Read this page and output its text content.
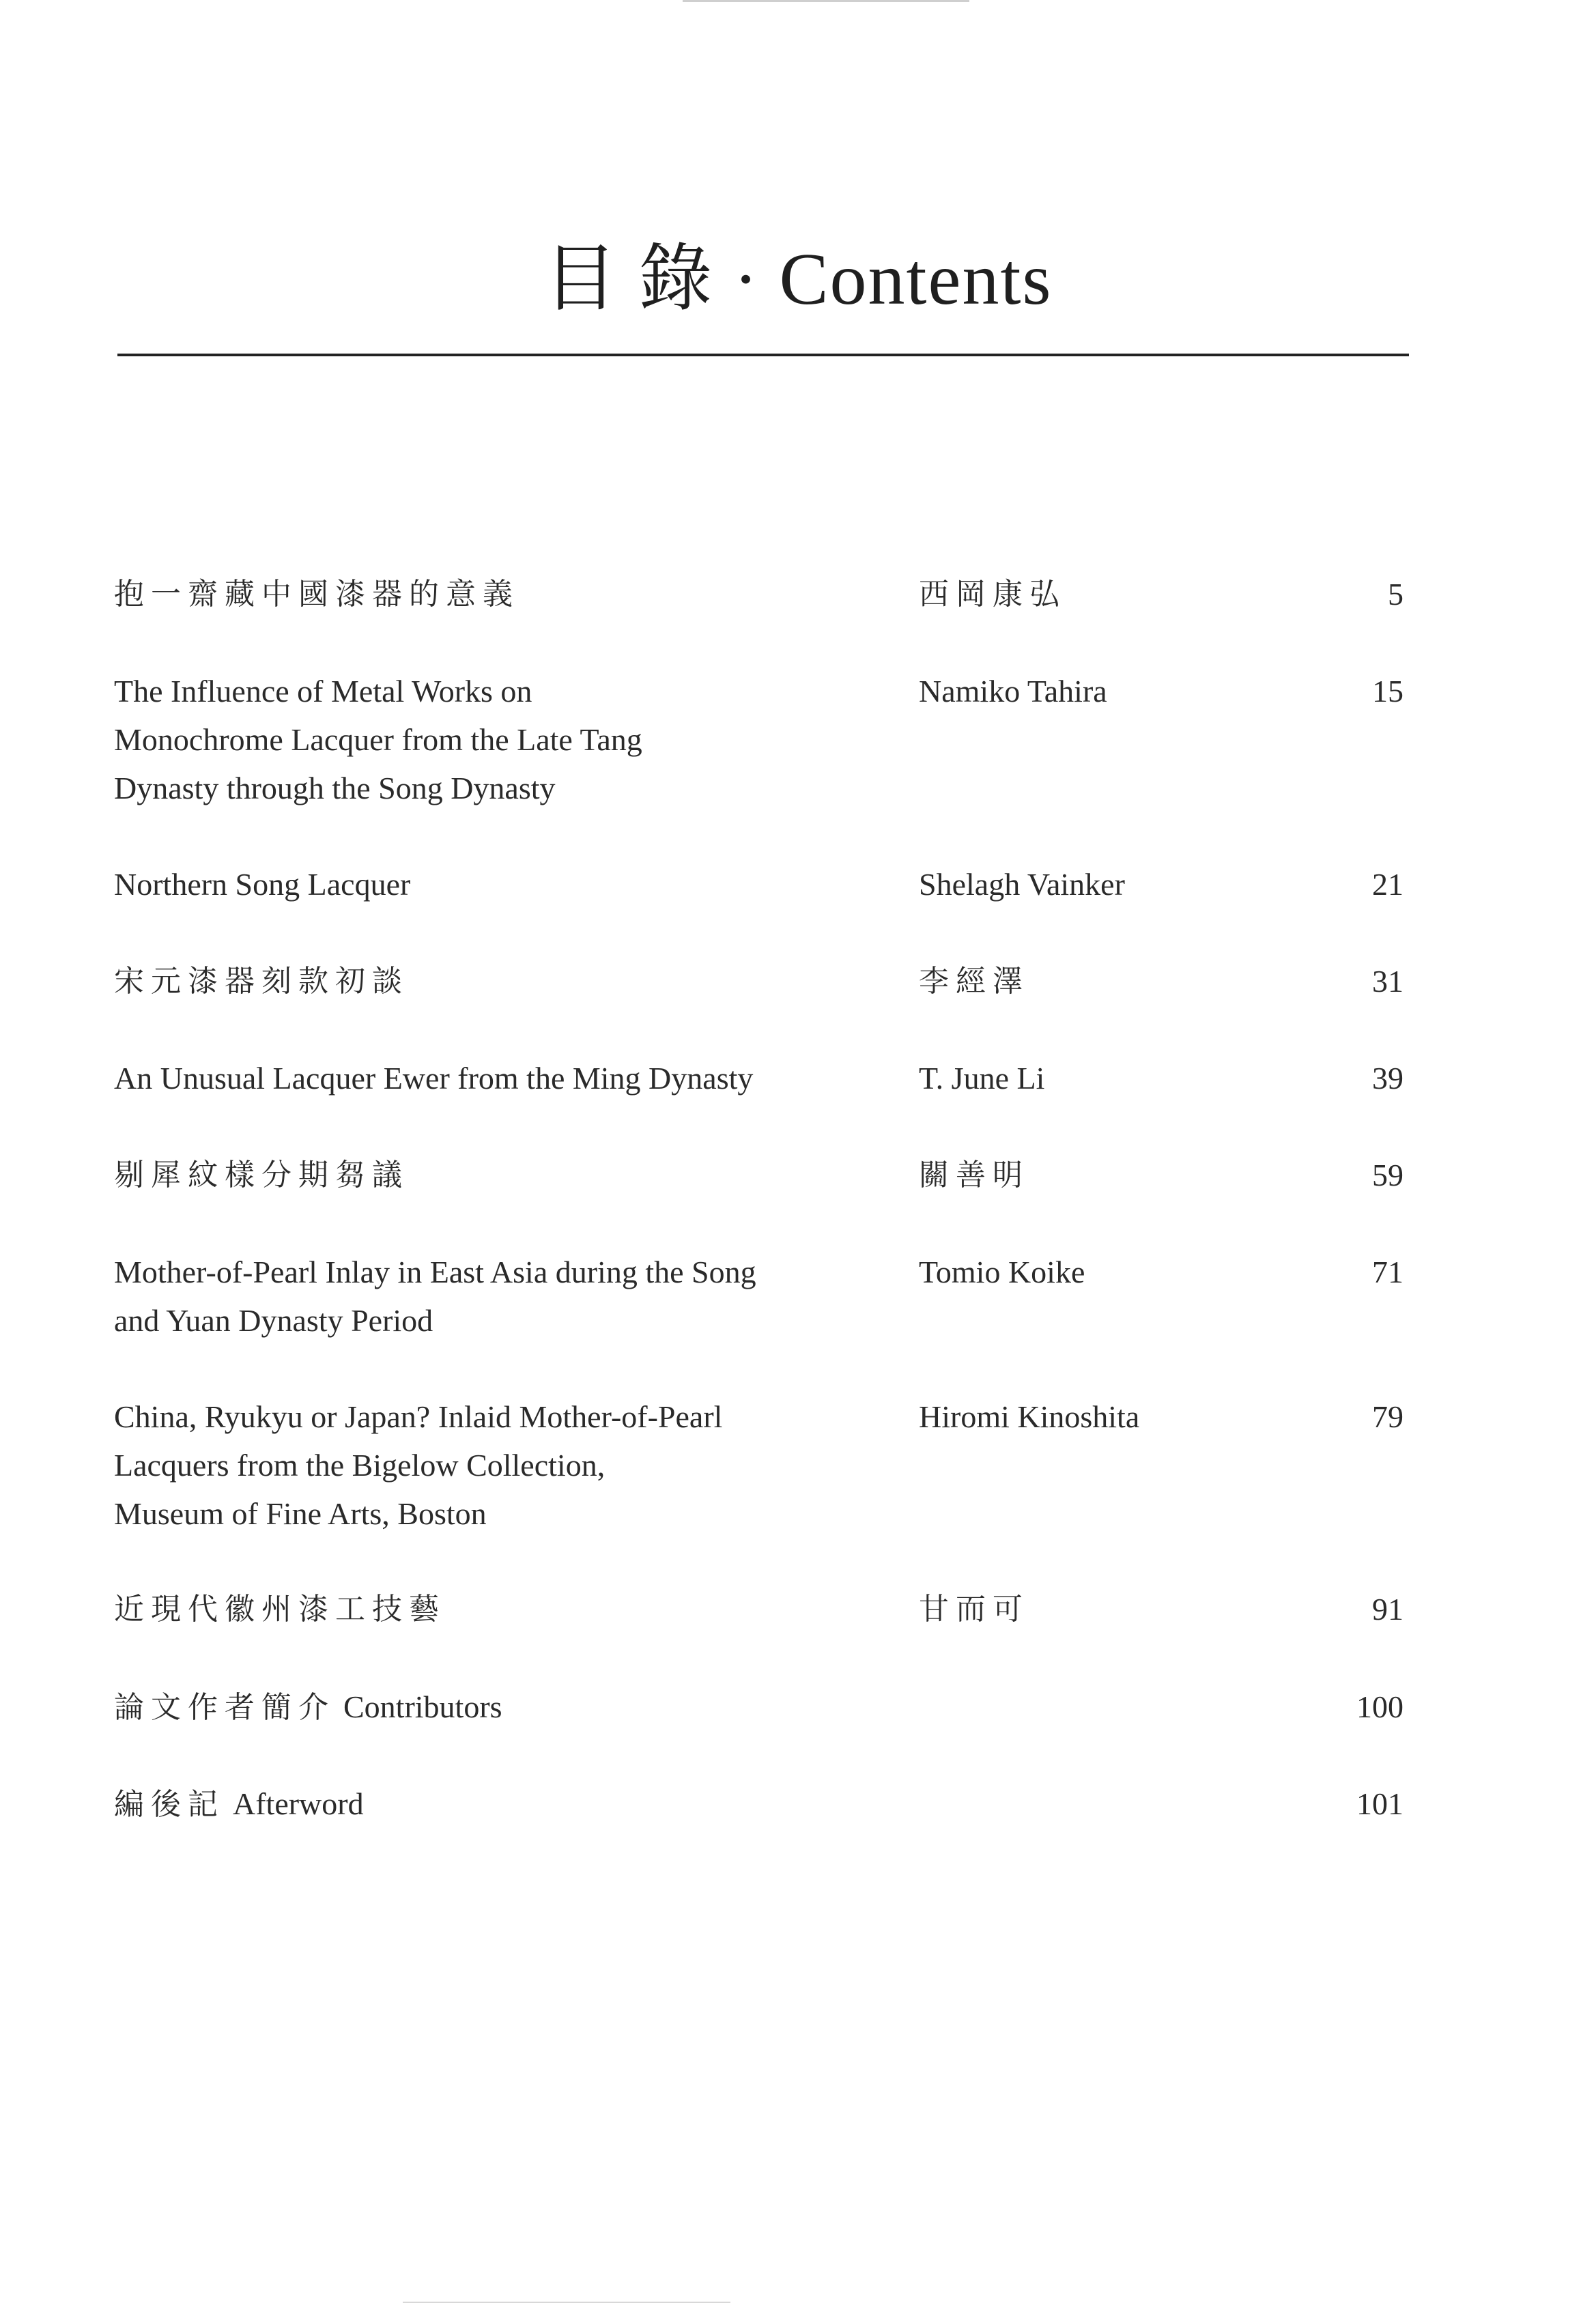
目 錄 · Contents
抱一齋藏中國漆器的意義	西岡康弘	5
The Influence of Metal Works on
Monochrome Lacquer from the Late Tang
Dynasty through the Song Dynasty
Namiko Tahira	15
Northern Song Lacquer	Shelagh Vainker	21
宋元漆器刻款初談	李經澤	31
An Unusual Lacquer Ewer from the Ming Dynasty	T. June Li	39
剔犀紋樣分期芻議	關善明	59
Mother-of-Pearl Inlay in East Asia during the Song
and Yuan Dynasty Period
Tomio Koike	71
China, Ryukyu or Japan? Inlaid Mother-of-Pearl
Lacquers from the Bigelow Collection,
Museum of Fine Arts, Boston
Hiromi Kinoshita	79
近現代徽州漆工技藝	甘而可	91
論文作者簡介 Contributors	100
編後記 Afterword	101
